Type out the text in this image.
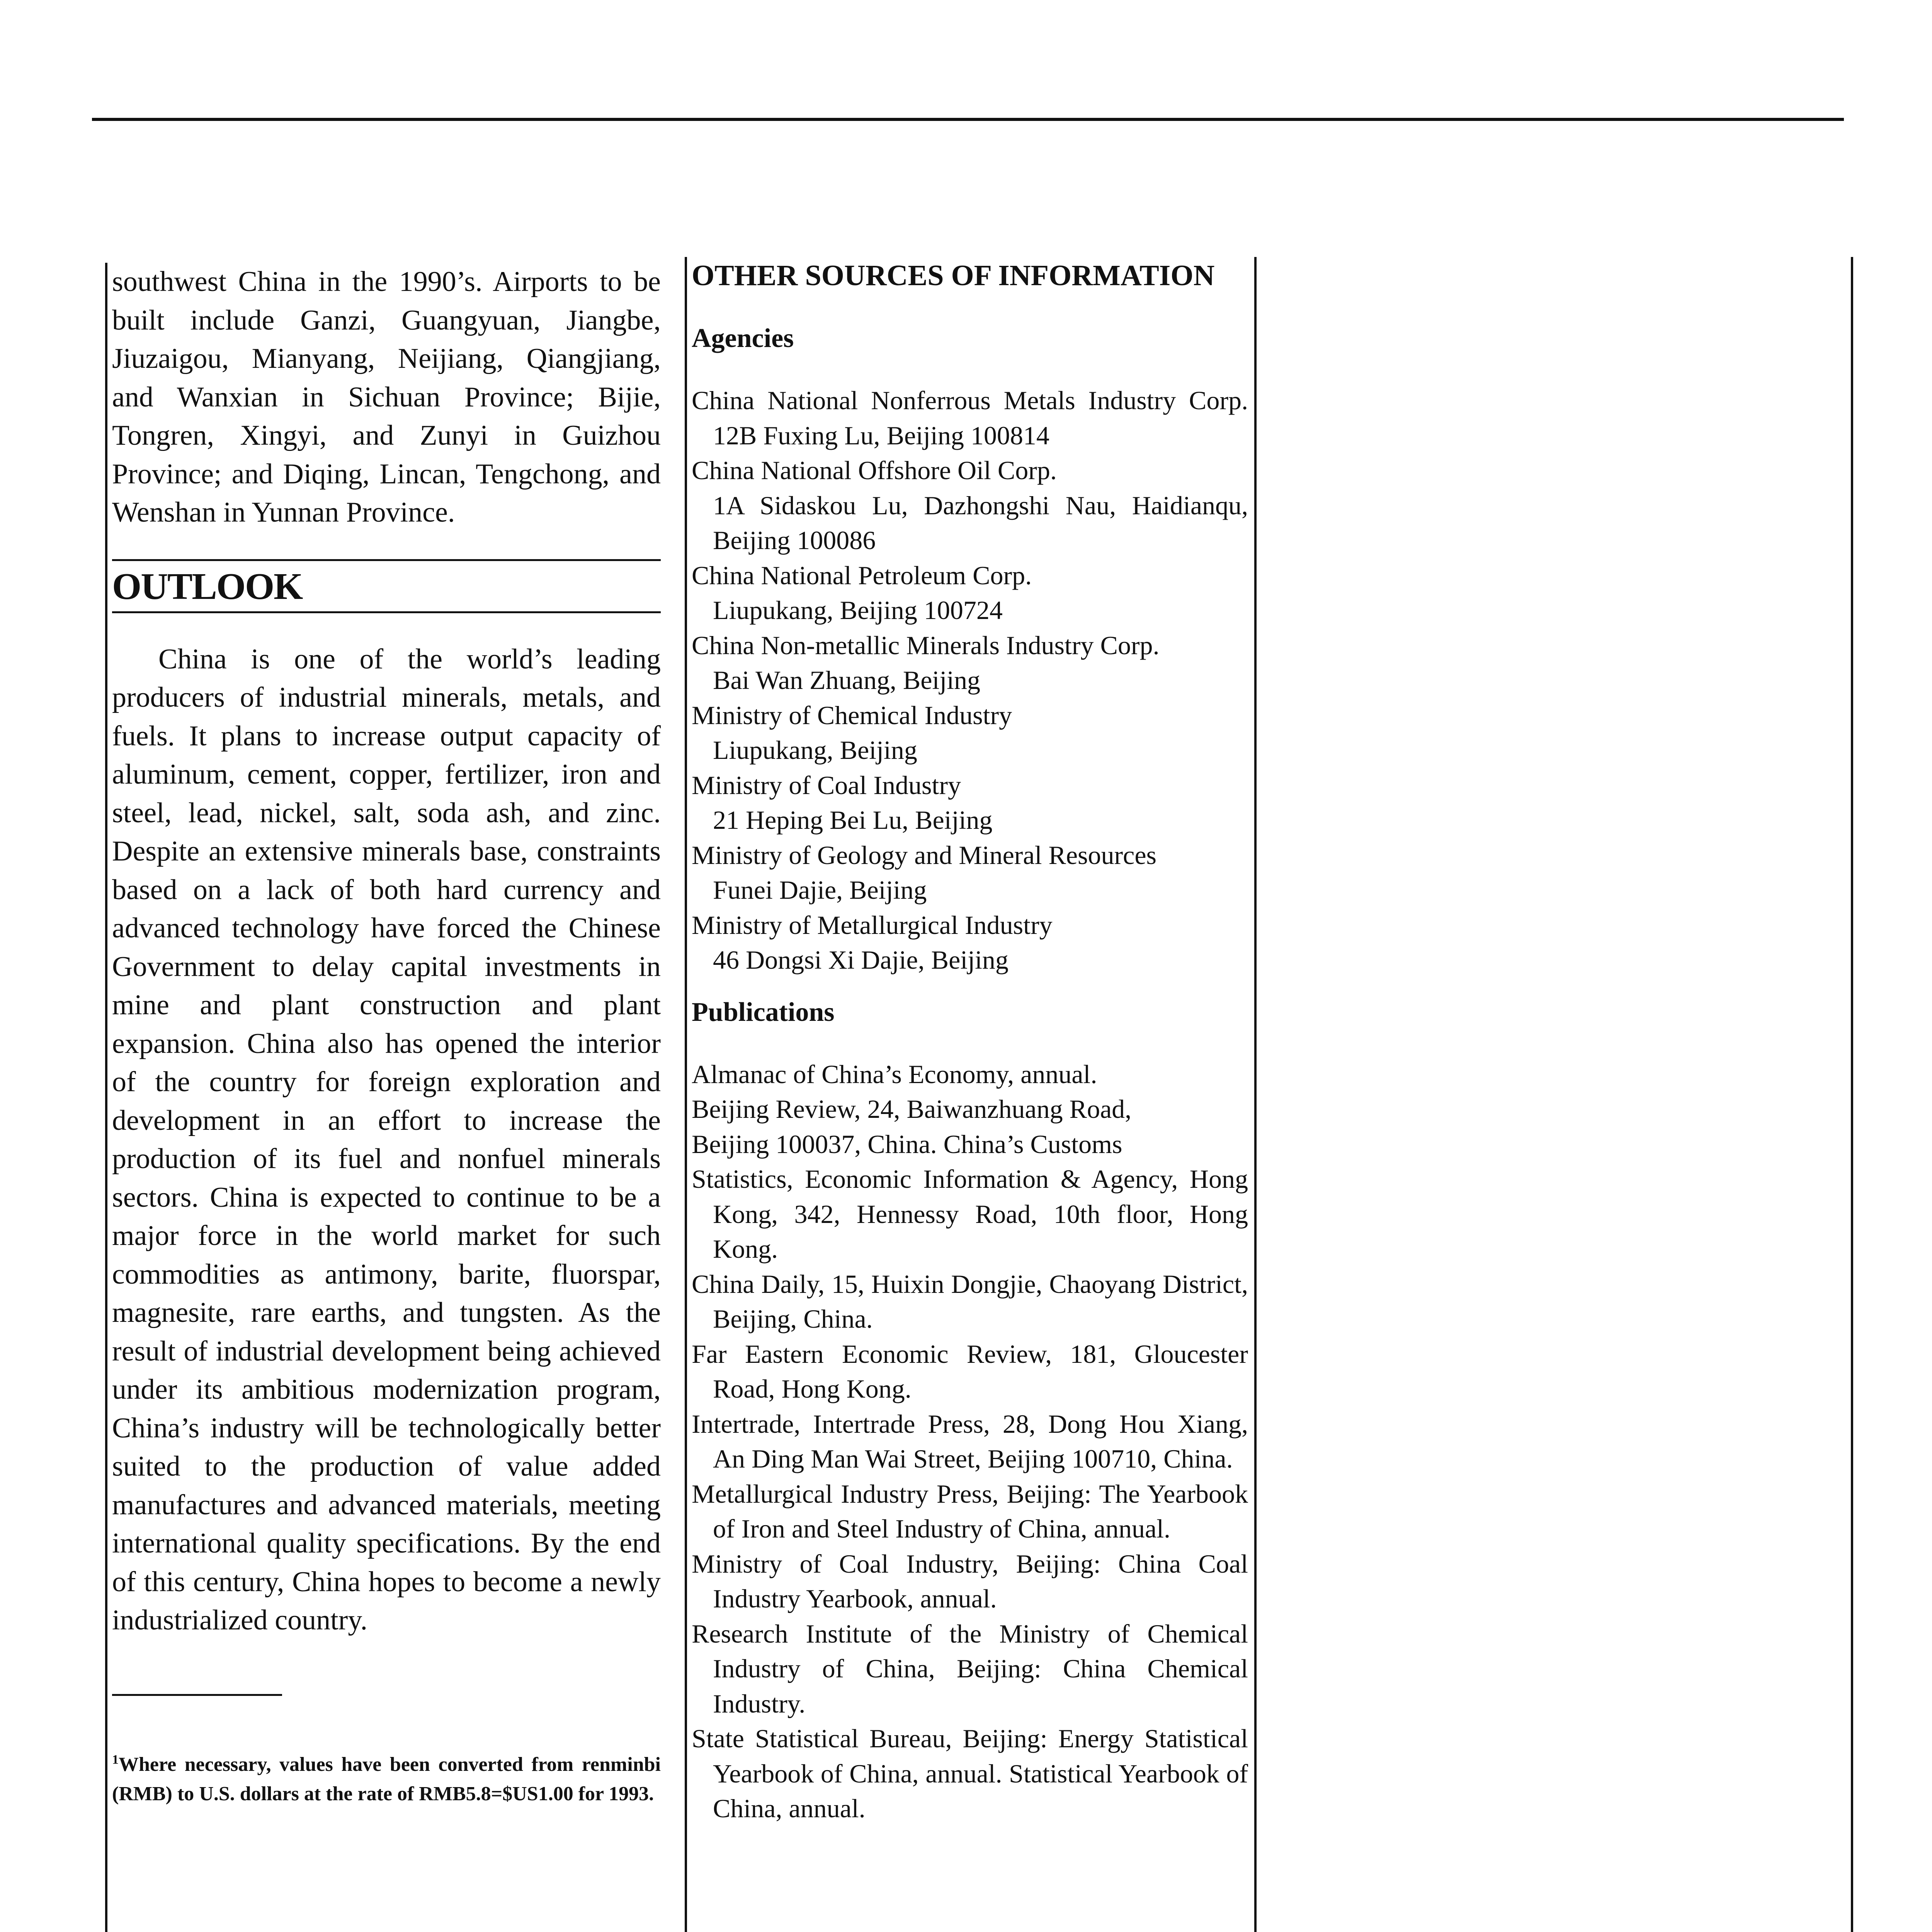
southwest China in the 1990’s. Airports to be built include Ganzi, Guangyuan, Jiangbe, Jiuzaigou, Mianyang, Neijiang, Qiangjiang, and Wanxian in Sichuan Province; Bijie, Tongren, Xingyi, and Zunyi in Guizhou Province; and Diqing, Lincan, Tengchong, and Wenshan in Yunnan Province.

OUTLOOK

China is one of the world’s leading producers of industrial minerals, metals, and fuels. It plans to increase output capacity of aluminum, cement, copper, fertilizer, iron and steel, lead, nickel, salt, soda ash, and zinc. Despite an extensive minerals base, constraints based on a lack of both hard currency and advanced technology have forced the Chinese Government to delay capital investments in mine and plant construction and plant expansion. China also has opened the interior of the country for foreign exploration and development in an effort to increase the production of its fuel and nonfuel minerals sectors. China is expected to continue to be a major force in the world market for such commodities as antimony, barite, fluorspar, magnesite, rare earths, and tungsten. As the result of industrial development being achieved under its ambitious modernization program, China’s industry will be technologically better suited to the production of value added manufactures and advanced materials, meeting international quality specifications. By the end of this century, China hopes to become a newly industrialized country.

$^1$Where necessary, values have been converted from renminbi (RMB) to U.S. dollars at the rate of RMB5.8=$US1.00 for 1993.

OTHER SOURCES OF INFORMATION
Agencies

China National Nonferrous Metals Industry Corp. 12B Fuxing Lu, Beijing 100814

China National Offshore Oil Corp.

1A Sidaskou Lu, Dazhongshi Nau, Haidianqu, Beijing 100086

China National Petroleum Corp.

Liupukang, Beijing 100724

China Non-metallic Minerals Industry Corp.

Bai Wan Zhuang, Beijing

Ministry of Chemical Industry

Liupukang, Beijing

Ministry of Coal Industry

21 Heping Bei Lu, Beijing

Ministry of Geology and Mineral Resources

Funei Dajie, Beijing

Ministry of Metallurgical Industry

46 Dongsi Xi Dajie, Beijing

Publications

Almanac of China’s Economy, annual.

Beijing Review, 24, Baiwanzhuang Road,

Beijing 100037, China. China’s Customs

Statistics, Economic Information & Agency, Hong Kong, 342, Hennessy Road, 10th floor, Hong Kong.

China Daily, 15, Huixin Dongjie, Chaoyang District, Beijing, China.

Far Eastern Economic Review, 181, Gloucester Road, Hong Kong.

Intertrade, Intertrade Press, 28, Dong Hou Xiang, An Ding Man Wai Street, Beijing 100710, China.

Metallurgical Industry Press, Beijing: The Yearbook of Iron and Steel Industry of China, annual.

Ministry of Coal Industry, Beijing: China Coal Industry Yearbook, annual.

Research Institute of the Ministry of Chemical Industry of China, Beijing: China Chemical Industry.

State Statistical Bureau, Beijing: Energy Statistical Yearbook of China, annual. Statistical Yearbook of China, annual.
